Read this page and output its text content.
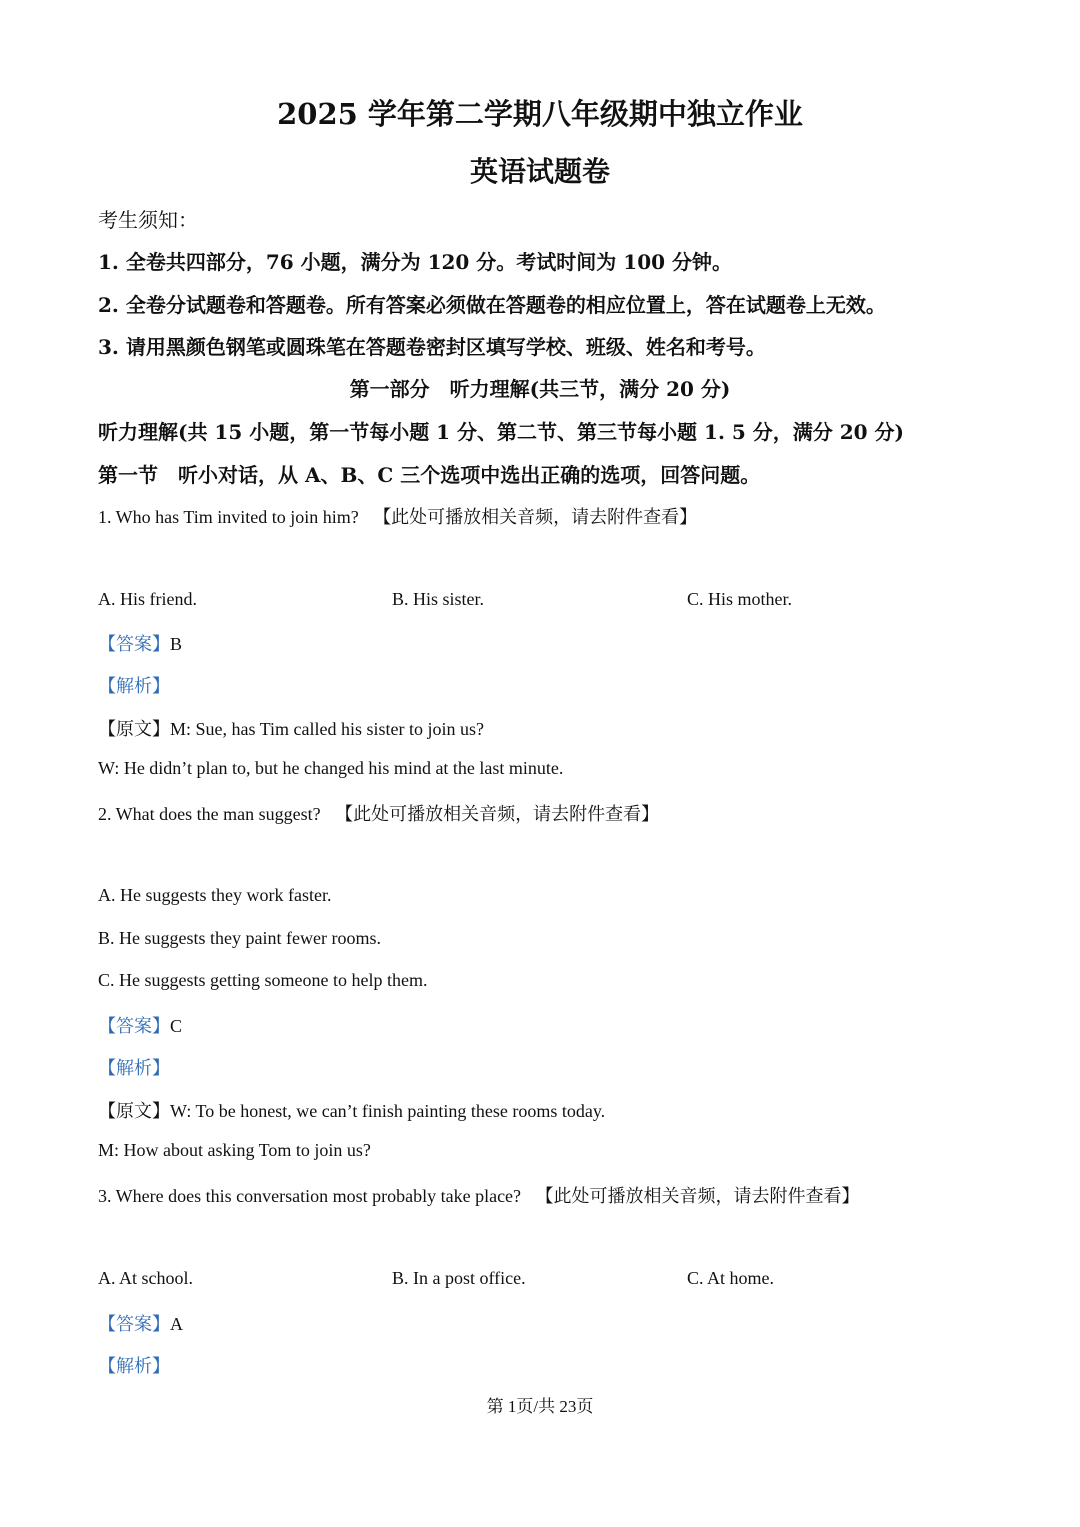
2025 学年第二学期八年级期中独立作业
英语试题卷
考生须知：
1. 全卷共四部分，76 小题，满分为 120 分。考试时间为 100 分钟。
2. 全卷分试题卷和答题卷。所有答案必须做在答题卷的相应位置上，答在试题卷上无效。
3. 请用黑颜色钢笔或圆珠笔在答题卷密封区填写学校、班级、姓名和考号。
第一部分　听力理解(共三节，满分 20 分)
听力理解(共 15 小题，第一节每小题 1 分、第二节、第三节每小题 1. 5 分，满分 20 分)
第一节　听小对话，从 A、B、C 三个选项中选出正确的选项，回答问题。
1. Who has Tim invited to join him? 【此处可播放相关音频，请去附件查看】
A. His friend.	B. His sister.	C. His mother.
【答案】B
【解析】
【原文】M: Sue, has Tim called his sister to join us?
W: He didn’t plan to, but he changed his mind at the last minute.
2. What does the man suggest? 【此处可播放相关音频，请去附件查看】
A. He suggests they work faster.
B. He suggests they paint fewer rooms.
C. He suggests getting someone to help them.
【答案】C
【解析】
【原文】W: To be honest, we can’t finish painting these rooms today.
M: How about asking Tom to join us?
3. Where does this conversation most probably take place? 【此处可播放相关音频，请去附件查看】
A. At school.	B. In a post office.	C. At home.
【答案】A
【解析】
第 1页/共 23页
